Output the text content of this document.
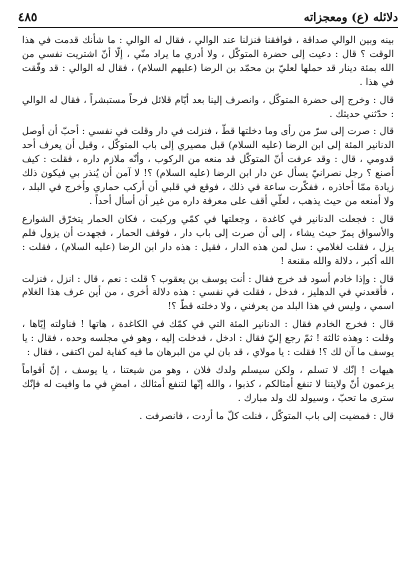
٤٨٥	دلائله (ع) ومعجزاته

بينه وبين الوالي صداقة ، فوافقنا فنزلنا عند الوالي ، فقال له الوالي : ما شأنك قدمت في هذا الوقت ؟ قال : دعيت إلى حضرة المتوكّل ، ولا أدري ما يراد منّي ، إلّا أنّ اشتريت نفسي من الله بمئة دينار قد حملها لعليّ بن محمّد بن الرضا (عليهم السلام) ، فقال له الوالي : قد وفّقت في هذا .

قال : وخرج إلى حضرة المتوكّل ، وانصرف إلينا بعد أيّام قلائل فرحاً مستبشراً ، فقال له الوالي : حدّثني حديثك .

قال : صرت إلى سرّ من رأى وما دخلتها قطّ ، فنزلت في دار وقلت في نفسي : أحبّ أن أوصل الدنانير المئة إلى ابن الرضا (عليه السلام) قبل مصيري إلى باب المتوكّل ، وقبل أن يعرف أحد قدومي ، قال : وقد عرفت أنّ المتوكّل قد منعه من الركوب ، وأنّه ملازم داره ، فقلت : كيف أصنع ؟ رجل نصرانيّ يسأل عن دار ابن الرضا (عليه السلام) ؟! لا آمن أن يُنذر بي فيكون ذلك زيادة ممّا أحاذره ، ففكّرت ساعة في ذلك ، فوقع في قلبي أن أركب حماري وأخرج في البلد ، ولا أمنعه من حيث يذهب ، لعلّي أقف على معرفة داره من غير أن أسأل أحداً .

قال : فجعلت الدنانير في كاغدة ، وجعلتها في كمّي وركبت ، فكان الحمار يتخرّق الشوارع والأسواق يمرّ حيث يشاء ، إلى أن صرت إلى باب دار ، فوقف الحمار ، فجهدت أن يزول فلم يزل ، فقلت لغلامي : سل لمن هذه الدار ، فقيل : هذه دار ابن الرضا (عليه السلام) ، فقلت : الله أكبر ، دلالة والله مقنعة !

قال : وإذا خادم أسود قد خرج فقال : أنت يوسف بن يعقوب ؟ قلت : نعم ، قال : انزل ، فنزلت ، فأقعدني في الدهليز ، فدخل ، فقلت في نفسي : هذه دلالة أخرى ، من أين عرف هذا الغلام اسمي ، وليس في هذا البلد من يعرفني ، ولا دخلته قطّ ؟!

قال : فخرج الخادم فقال : الدنانير المئة التي في كمّك في الكاغدة ، هاتها ! فناولته إيّاها ، وقلت : وهذه ثالثة ! ثمّ رجع إليّ فقال : ادخل ، فدخلت إليه ، وهو في مجلسه وحده ، فقال : يا يوسف ما آن لك ؟! فقلت : يا مولاي ، قد بان لي من البرهان ما فيه كفاية لمن اكتفى ، فقال :

هيهات ! إنّك لا تسلم ، ولكن سيسلم ولدك فلان ، وهو من شيعتنا ، يا يوسف ، إنّ أقواماً يزعمون أنّ ولايتنا لا تنفع أمثالكم ، كذبوا ، والله إنّها لتنفع أمثالك ، امضِ في ما وافيت له فإنّك سترى ما تحبّ ، وسيولد لك ولد مبارك .

قال : فمضيت إلى باب المتوكّل ، فنلت كلّ ما أردت ، فانصرفت .
